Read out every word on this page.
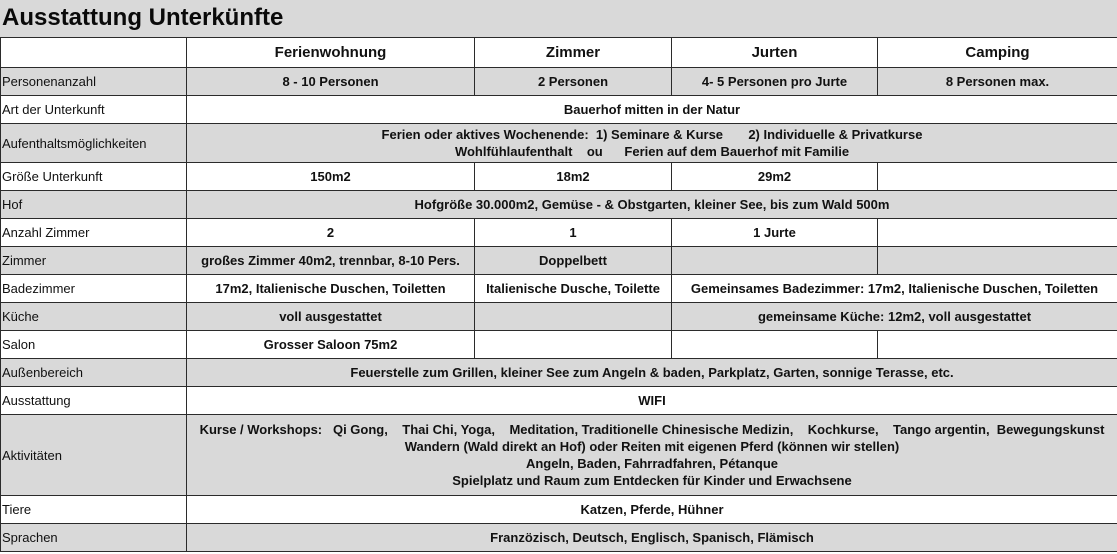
Ausstattung Unterkünfte
	Ferienwohnung	Zimmer	Jurten	Camping
Personenanzahl	8 - 10 Personen	2 Personen	4- 5 Personen pro Jurte	8 Personen max.
Art der Unterkunft	Bauerhof mitten in der Natur			
Aufenthaltsmöglichkeiten	Ferien oder aktives Wochenende:  1) Seminare & Kurse       2) Individuelle & Privatkurse
Wohlfühlaufenthalt    ou      Ferien auf dem Bauerhof mit Familie			

Größe Unterkunft	150m2	18m2	29m2	
Hof	Hofgröße 30.000m2, Gemüse - & Obstgarten, kleiner See, bis zum Wald 500m			
Anzahl Zimmer	2	1	1 Jurte	
Zimmer	großes Zimmer 40m2, trennbar, 8-10 Pers.	Doppelbett		
Badezimmer	17m2, Italienische Duschen, Toiletten	Italienische Dusche, Toilette	Gemeinsames Badezimmer: 17m2, Italienische Duschen, Toiletten	
Küche	voll ausgestattet		gemeinsame Küche: 12m2, voll ausgestattet	
Salon	Grosser Saloon 75m2			
Außenbereich	Feuerstelle zum Grillen, kleiner See zum Angeln & baden, Parkplatz, Garten, sonnige Terasse, etc.			
Ausstattung	WIFI			
Aktivitäten	Kurse / Workshops:   Qi Gong,    Thai Chi, Yoga,    Meditation, Traditionelle Chinesische Medizin,    Kochkurse,    Tango argentin,  Bewegungskunst
Wandern (Wald direkt an Hof) oder Reiten mit eigenen Pferd (können wir stellen)
Angeln, Baden, Fahrradfahren, Pétanque
Spielplatz und Raum zum Entdecken für Kinder und Erwachsene			

Tiere	Katzen, Pferde, Hühner			
Sprachen	Franzözisch, Deutsch, Englisch, Spanisch, Flämisch			
